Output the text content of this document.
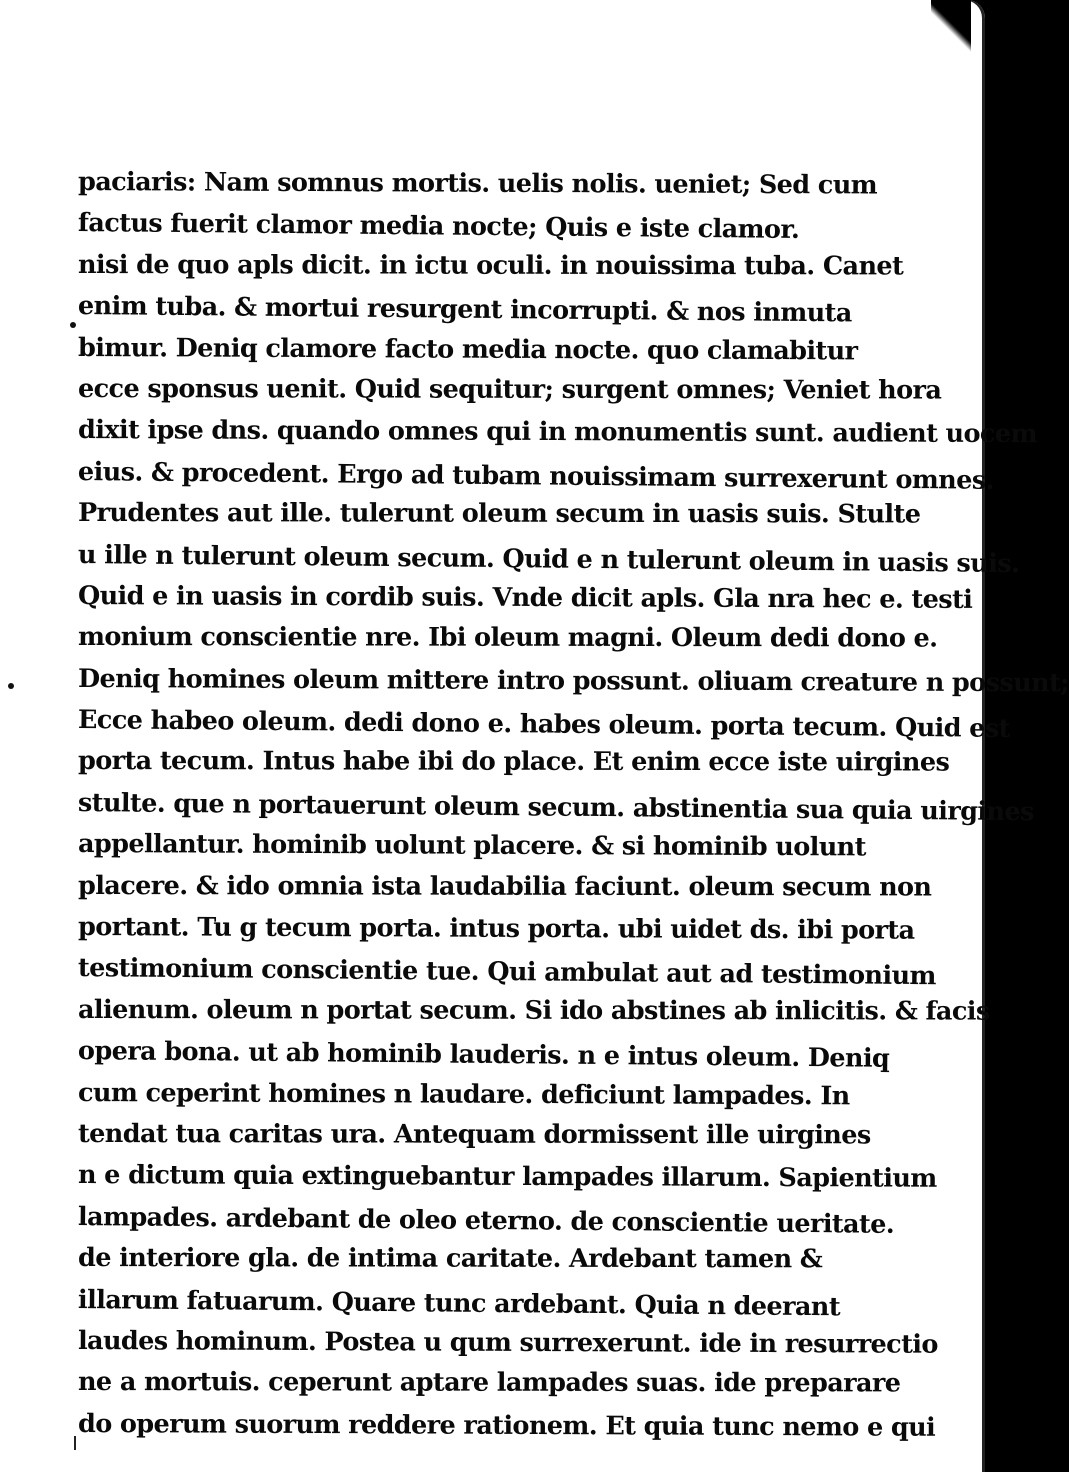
paciaris: Nam somnus mortis. uelis nolis. ueniet; Sed cum
factus fuerit clamor media nocte; Quis e iste clamor.
nisi de quo apls dicit. in ictu oculi. in nouissima tuba. Canet
enim tuba. & mortui resurgent incorrupti. & nos inmuta
bimur. Deniq clamore facto media nocte. quo clamabitur
ecce sponsus uenit. Quid sequitur; surgent omnes; Veniet hora
dixit ipse dns. quando omnes qui in monumentis sunt. audient uocem
eius. & procedent. Ergo ad tubam nouissimam surrexerunt omnes.
Prudentes aut ille. tulerunt oleum secum in uasis suis. Stulte
u ille n tulerunt oleum secum. Quid e n tulerunt oleum in uasis suis.
Quid e in uasis in cordib suis. Vnde dicit apls. Gla nra hec e. testi
monium conscientie nre. Ibi oleum magni. Oleum dedi dono e.
Deniq homines oleum mittere intro possunt. oliuam creature n possunt;
Ecce habeo oleum. dedi dono e. habes oleum. porta tecum. Quid est
porta tecum. Intus habe ibi do place. Et enim ecce iste uirgines
stulte. que n portauerunt oleum secum. abstinentia sua quia uirgines
appellantur. hominib uolunt placere. & si hominib uolunt
placere. & ido omnia ista laudabilia faciunt. oleum secum non
portant. Tu g tecum porta. intus porta. ubi uidet ds. ibi porta
testimonium conscientie tue. Qui ambulat aut ad testimonium
alienum. oleum n portat secum. Si ido abstines ab inlicitis. & facis
opera bona. ut ab hominib lauderis. n e intus oleum. Deniq
cum ceperint homines n laudare. deficiunt lampades. In
tendat tua caritas ura. Antequam dormissent ille uirgines
n e dictum quia extinguebantur lampades illarum. Sapientium
lampades. ardebant de oleo eterno. de conscientie ueritate.
de interiore gla. de intima caritate. Ardebant tamen &
illarum fatuarum. Quare tunc ardebant. Quia n deerant
laudes hominum. Postea u qum surrexerunt. ide in resurrectio
ne a mortuis. ceperunt aptare lampades suas. ide preparare
do operum suorum reddere rationem. Et quia tunc nemo e qui
